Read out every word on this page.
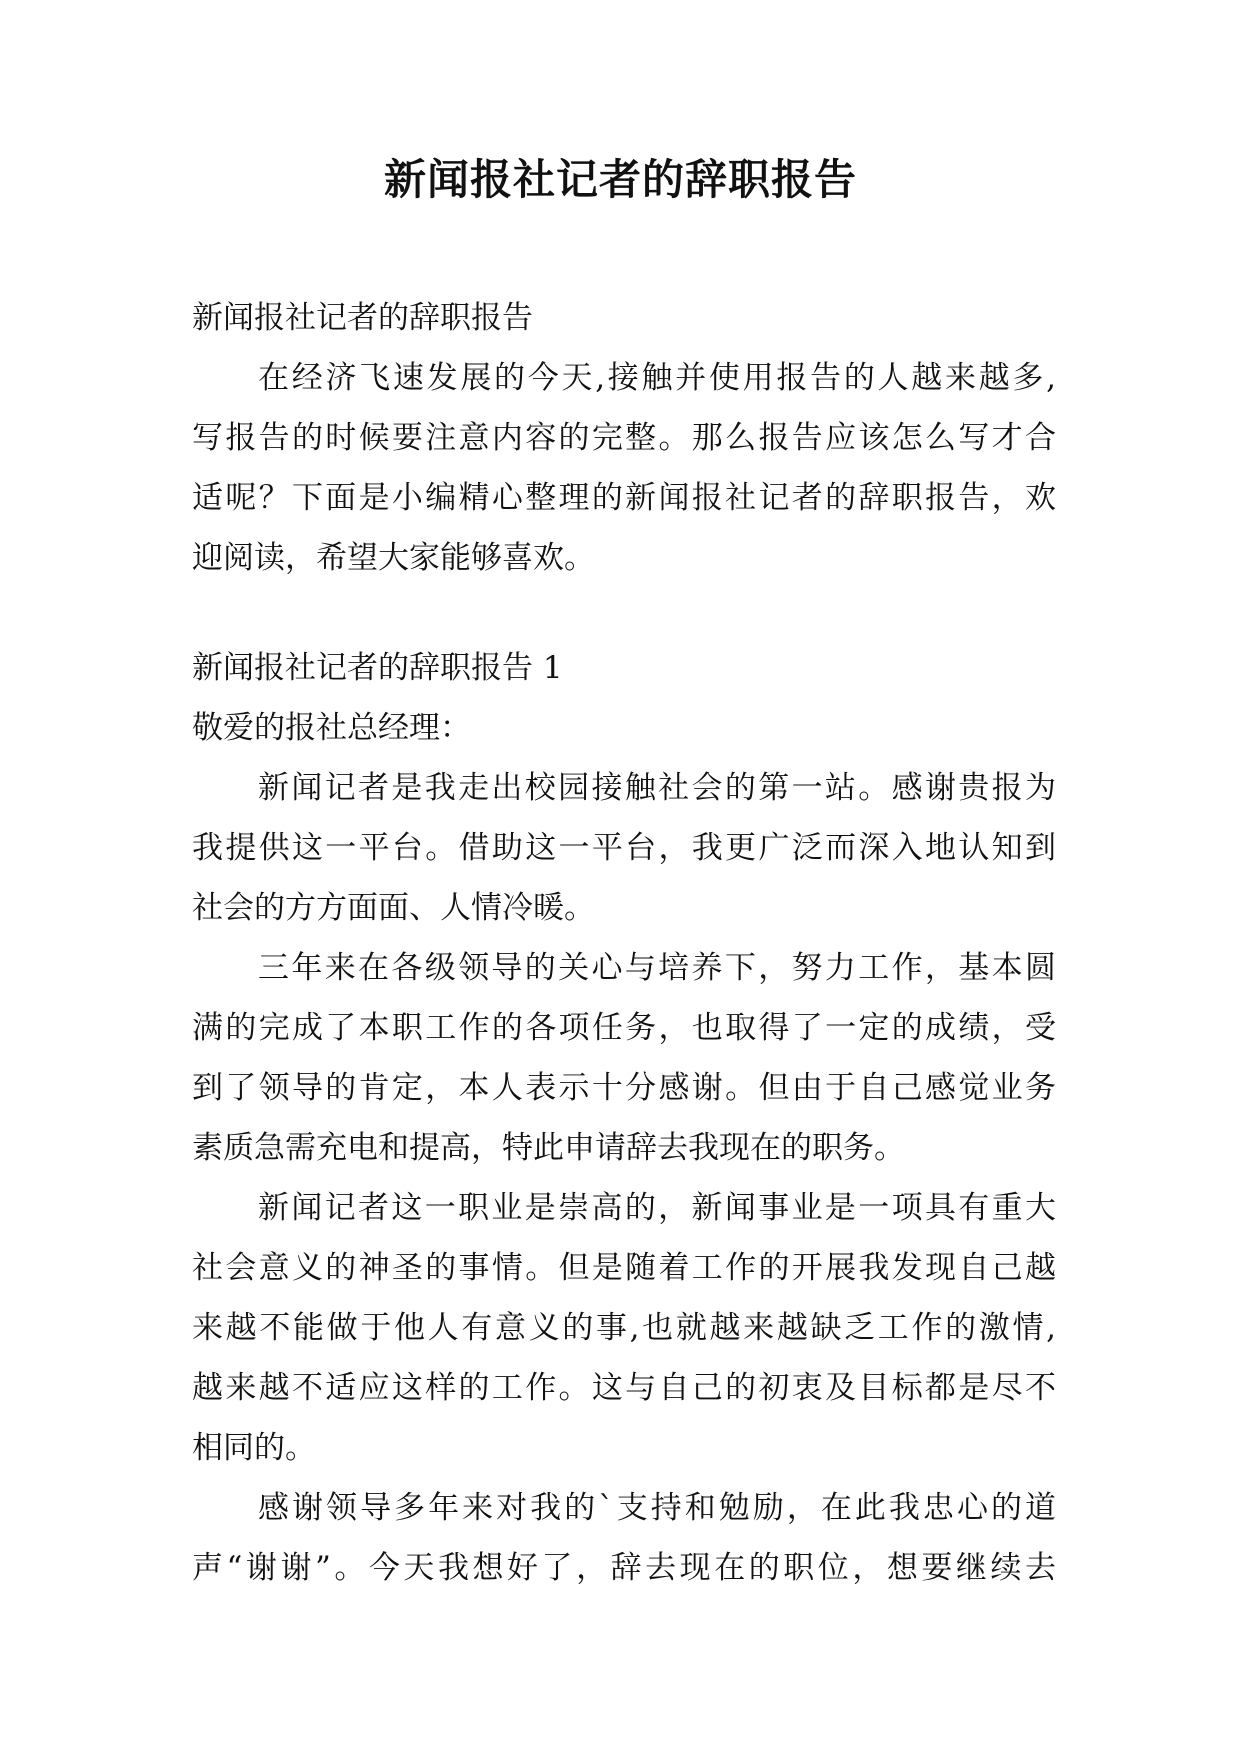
新闻报社记者的辞职报告

新闻报社记者的辞职报告

在经济飞速发展的今天,接触并使用报告的人越来越多,

写报告的时候要注意内容的完整。那么报告应该怎么写才合

适呢？下面是小编精心整理的新闻报社记者的辞职报告，欢

迎阅读，希望大家能够喜欢。

新闻报社记者的辞职报告 1

敬爱的报社总经理：

新闻记者是我走出校园接触社会的第一站。感谢贵报为

我提供这一平台。借助这一平台，我更广泛而深入地认知到

社会的方方面面、人情冷暖。

三年来在各级领导的关心与培养下，努力工作，基本圆

满的完成了本职工作的各项任务，也取得了一定的成绩，受

到了领导的肯定，本人表示十分感谢。但由于自己感觉业务

素质急需充电和提高，特此申请辞去我现在的职务。

新闻记者这一职业是崇高的，新闻事业是一项具有重大

社会意义的神圣的事情。但是随着工作的开展我发现自己越

来越不能做于他人有意义的事,也就越来越缺乏工作的激情,

越来越不适应这样的工作。这与自己的初衷及目标都是尽不

相同的。

感谢领导多年来对我的`支持和勉励，在此我忠心的道

声“谢谢”。今天我想好了，辞去现在的职位，想要继续去
